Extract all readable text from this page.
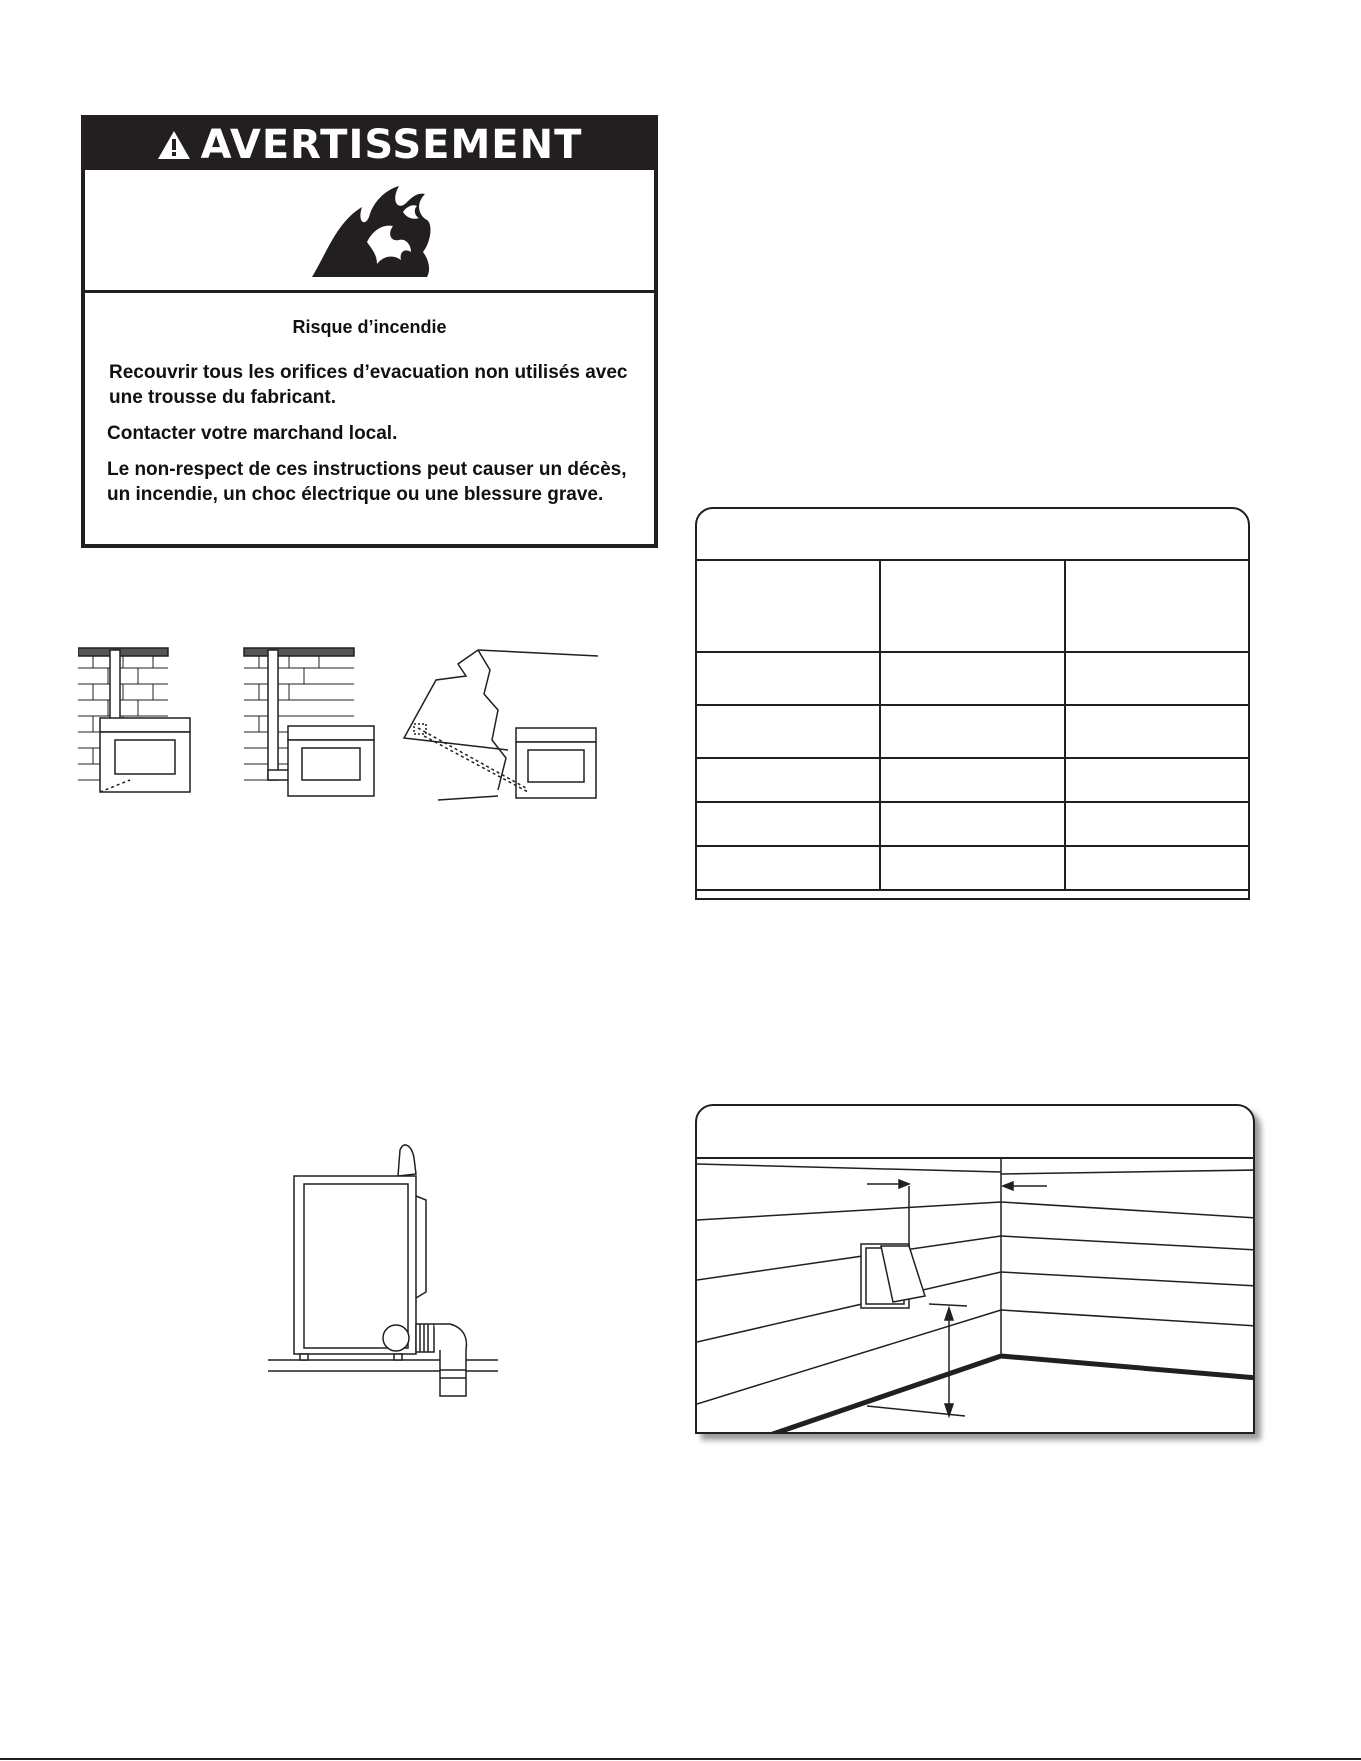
AVERTISSEMENT
Risque d’incendie

Recouvrir tous les orifices d’evacuation non utilisés avec une trousse du fabricant.

Contacter votre marchand local.

Le non-respect de ces instructions peut causer un décès, un incendie, un choc électrique ou une blessure grave.
